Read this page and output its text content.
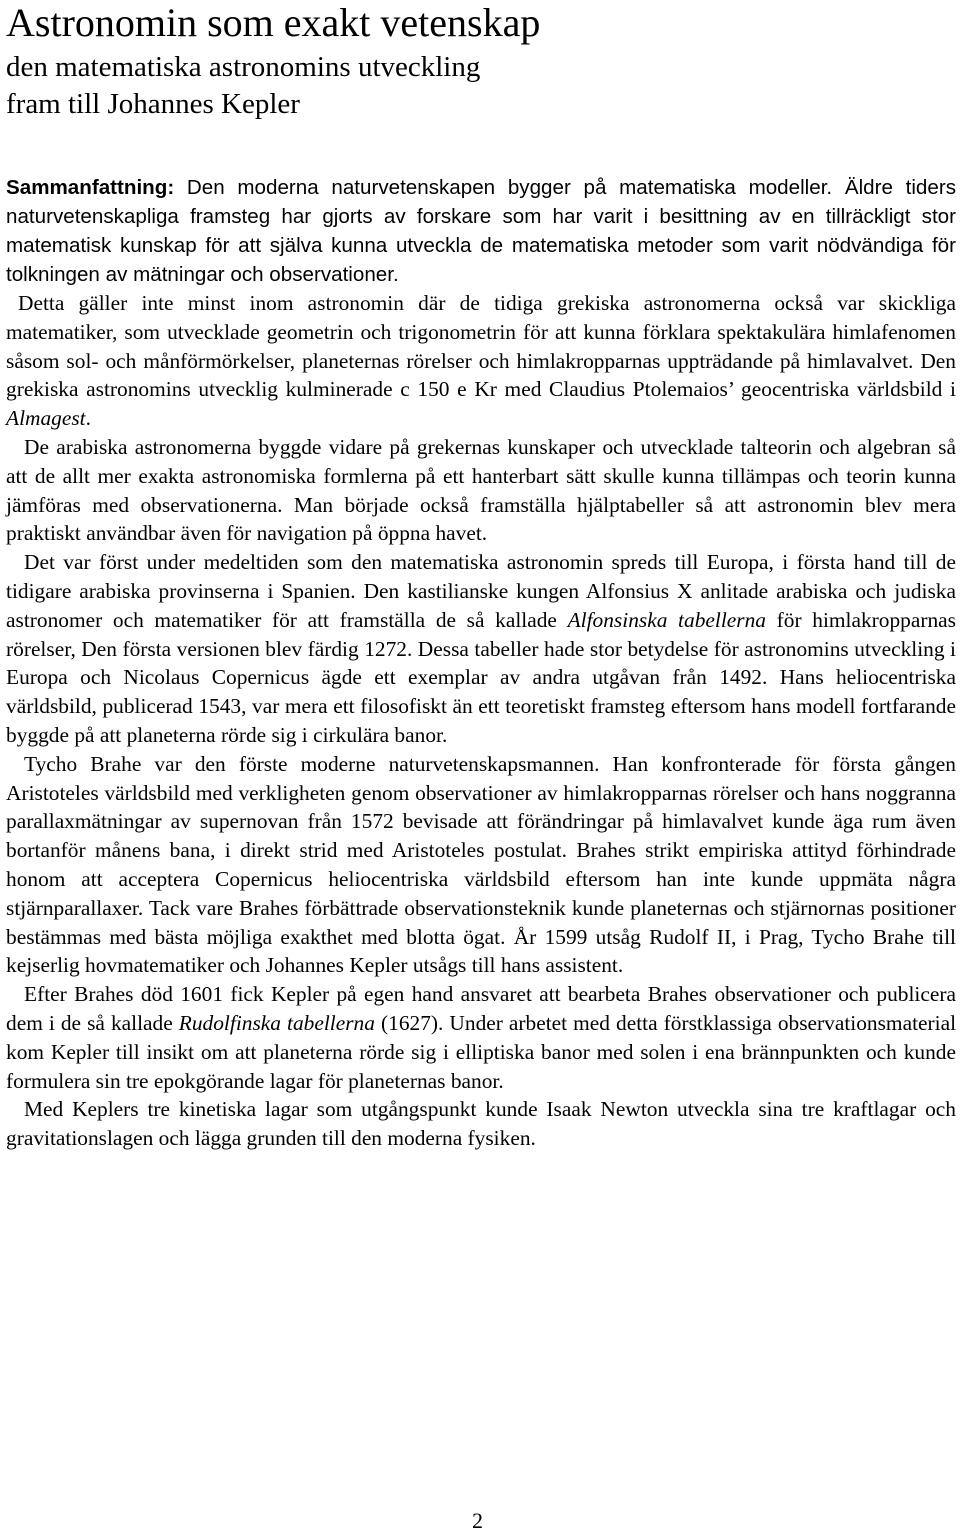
Astronomin som exakt vetenskap
den matematiska astronomins utveckling
fram till Johannes Kepler
Sammanfattning: Den moderna naturvetenskapen bygger på matematiska modeller. Äldre tiders naturvetenskapliga framsteg har gjorts av forskare som har varit i besittning av en tillräckligt stor matematisk kunskap för att själva kunna utveckla de matematiska metoder som varit nödvändiga för tolkningen av mätningar och observationer.

Detta gäller inte minst inom astronomin där de tidiga grekiska astronomerna också var skickliga matematiker, som utvecklade geometrin och trigonometrin för att kunna förklara spektakulära himlafenomen såsom sol- och månförmörkelser, planeternas rörelser och himlakropparnas uppträdande på himlavalvet. Den grekiska astronomins utvecklig kulminerade c 150 e Kr med Claudius Ptolemaios’ geocentriska världsbild i Almagest.

De arabiska astronomerna byggde vidare på grekernas kunskaper och utvecklade talteorin och algebran så att de allt mer exakta astronomiska formlerna på ett hanterbart sätt skulle kunna tillämpas och teorin kunna jämföras med observationerna. Man började också framställa hjälptabeller så att astronomin blev mera praktiskt användbar även för navigation på öppna havet.

Det var först under medeltiden som den matematiska astronomin spreds till Europa, i första hand till de tidigare arabiska provinserna i Spanien. Den kastilianske kungen Alfonsius X anlitade arabiska och judiska astronomer och matematiker för att framställa de så kallade Alfonsinska tabellerna för himlakropparnas rörelser, Den första versionen blev färdig 1272. Dessa tabeller hade stor betydelse för astronomins utveckling i Europa och Nicolaus Copernicus ägde ett exemplar av andra utgåvan från 1492. Hans heliocentriska världsbild, publicerad 1543, var mera ett filosofiskt än ett teoretiskt framsteg eftersom hans modell fortfarande byggde på att planeterna rörde sig i cirkulära banor.

Tycho Brahe var den förste moderne naturvetenskapsmannen. Han konfronterade för första gången Aristoteles världsbild med verkligheten genom observationer av himlakropparnas rörelser och hans noggranna parallaxmätningar av supernovan från 1572 bevisade att förändringar på himlavalvet kunde äga rum även bortanför månens bana, i direkt strid med Aristoteles postulat. Brahes strikt empiriska attityd förhindrade honom att acceptera Copernicus heliocentriska världsbild eftersom han inte kunde uppmäta några stjärnparallaxer. Tack vare Brahes förbättrade observationsteknik kunde planeternas och stjärnornas positioner bestämmas med bästa möjliga exakthet med blotta ögat. År 1599 utsåg Rudolf II, i Prag, Tycho Brahe till kejserlig hovmatematiker och Johannes Kepler utsågs till hans assistent.

Efter Brahes död 1601 fick Kepler på egen hand ansvaret att bearbeta Brahes observationer och publicera dem i de så kallade Rudolfinska tabellerna (1627). Under arbetet med detta förstklassiga observationsmaterial kom Kepler till insikt om att planeterna rörde sig i elliptiska banor med solen i ena brännpunkten och kunde formulera sin tre epokgörande lagar för planeternas banor.

Med Keplers tre kinetiska lagar som utgångspunkt kunde Isaak Newton utveckla sina tre kraftlagar och gravitationslagen och lägga grunden till den moderna fysiken.

2
